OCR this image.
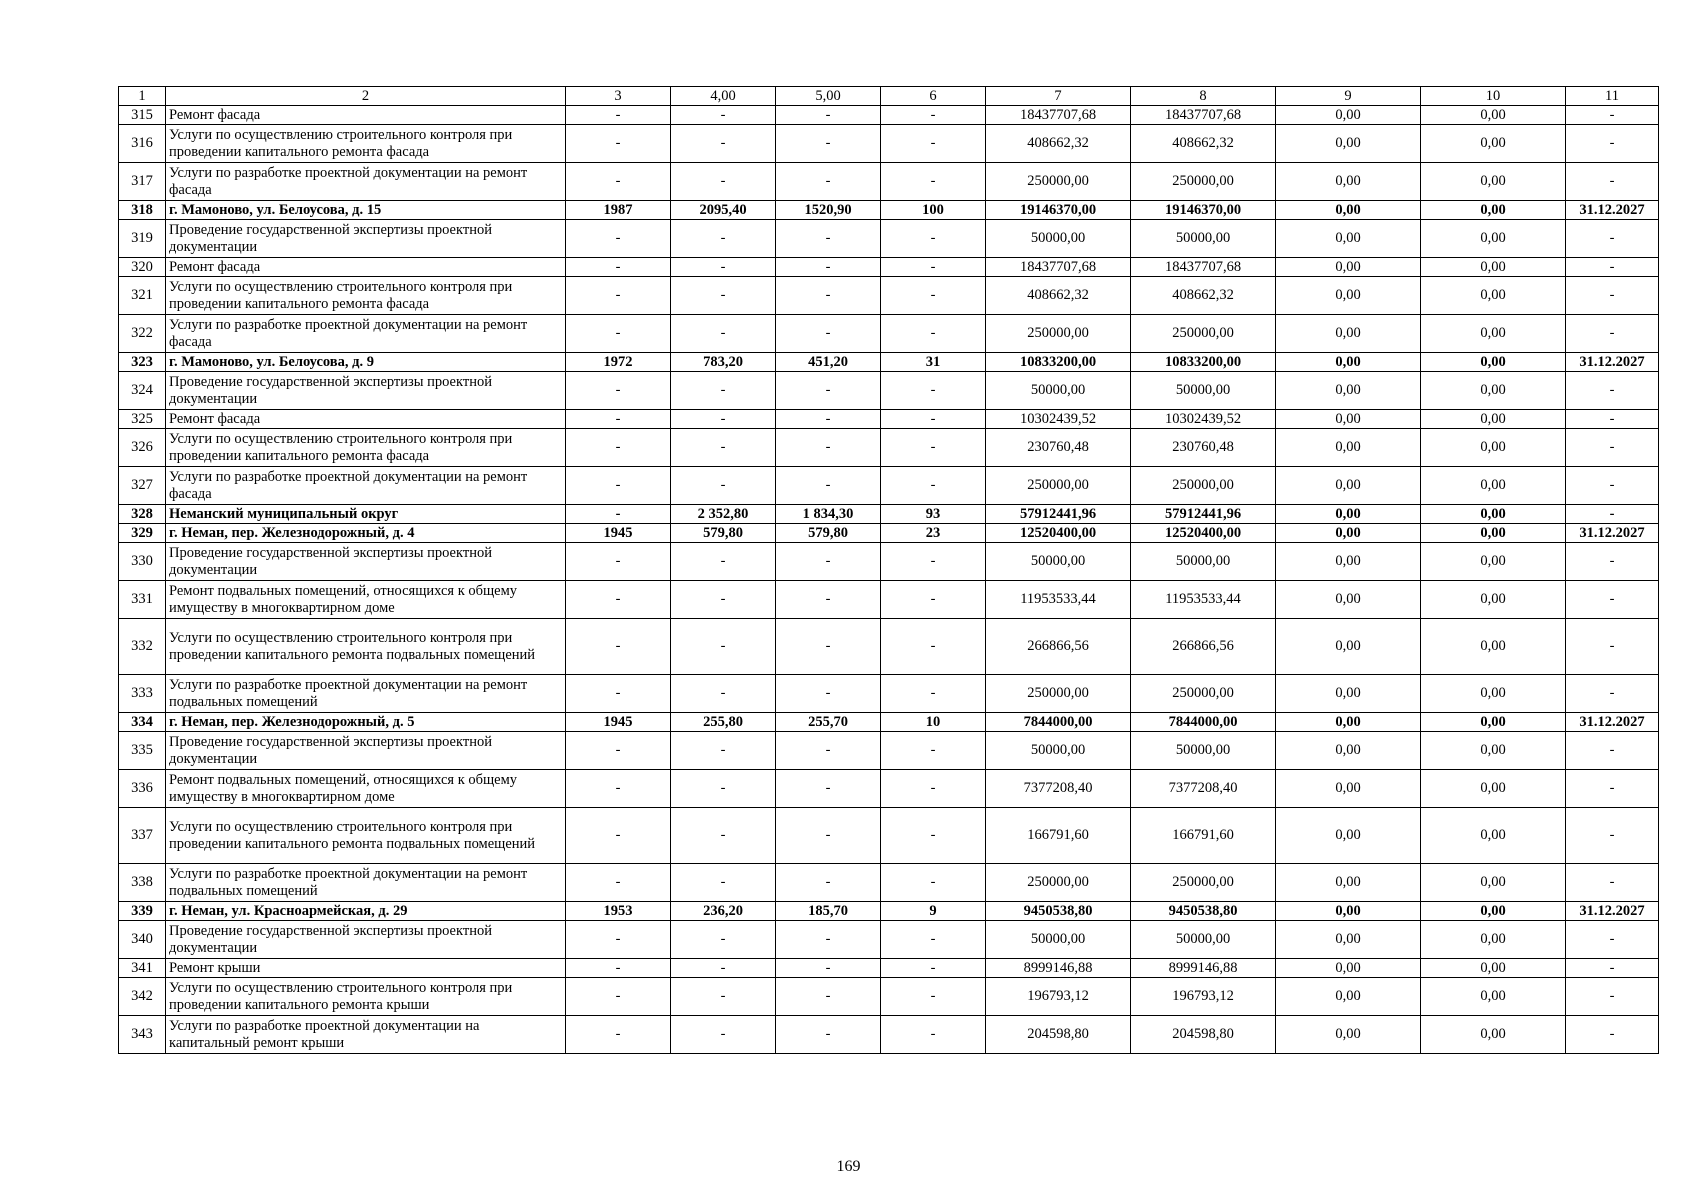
1	2	3	4,00	5,00	6	7	8	9	10	11
315	Ремонт фасада	-	-	-	-	18437707,68	18437707,68	0,00	0,00	-
316	Услуги по осуществлению строительного контроля при проведении капитального ремонта фасада	-	-	-	-	408662,32	408662,32	0,00	0,00	-
317	Услуги по разработке проектной документации на ремонт фасада	-	-	-	-	250000,00	250000,00	0,00	0,00	-
318	г. Мамоново, ул. Белоусова, д. 15	1987	2095,40	1520,90	100	19146370,00	19146370,00	0,00	0,00	31.12.2027
319	Проведение государственной экспертизы проектной документации	-	-	-	-	50000,00	50000,00	0,00	0,00	-
320	Ремонт фасада	-	-	-	-	18437707,68	18437707,68	0,00	0,00	-
321	Услуги по осуществлению строительного контроля при проведении капитального ремонта фасада	-	-	-	-	408662,32	408662,32	0,00	0,00	-
322	Услуги по разработке проектной документации на ремонт фасада	-	-	-	-	250000,00	250000,00	0,00	0,00	-
323	г. Мамоново, ул. Белоусова, д. 9	1972	783,20	451,20	31	10833200,00	10833200,00	0,00	0,00	31.12.2027
324	Проведение государственной экспертизы проектной документации	-	-	-	-	50000,00	50000,00	0,00	0,00	-
325	Ремонт фасада	-	-	-	-	10302439,52	10302439,52	0,00	0,00	-
326	Услуги по осуществлению строительного контроля при проведении капитального ремонта фасада	-	-	-	-	230760,48	230760,48	0,00	0,00	-
327	Услуги по разработке проектной документации на ремонт фасада	-	-	-	-	250000,00	250000,00	0,00	0,00	-
328	Неманский муниципальный округ	-	2 352,80	1 834,30	93	57912441,96	57912441,96	0,00	0,00	-
329	г. Неман, пер. Железнодорожный, д. 4	1945	579,80	579,80	23	12520400,00	12520400,00	0,00	0,00	31.12.2027
330	Проведение государственной экспертизы проектной документации	-	-	-	-	50000,00	50000,00	0,00	0,00	-
331	Ремонт подвальных помещений, относящихся к общему имуществу в многоквартирном доме	-	-	-	-	11953533,44	11953533,44	0,00	0,00	-
332	Услуги по осуществлению строительного контроля при проведении капитального ремонта подвальных помещений	-	-	-	-	266866,56	266866,56	0,00	0,00	-
333	Услуги по разработке проектной документации на ремонт подвальных помещений	-	-	-	-	250000,00	250000,00	0,00	0,00	-
334	г. Неман, пер. Железнодорожный, д. 5	1945	255,80	255,70	10	7844000,00	7844000,00	0,00	0,00	31.12.2027
335	Проведение государственной экспертизы проектной документации	-	-	-	-	50000,00	50000,00	0,00	0,00	-
336	Ремонт подвальных помещений, относящихся к общему имуществу в многоквартирном доме	-	-	-	-	7377208,40	7377208,40	0,00	0,00	-
337	Услуги по осуществлению строительного контроля при проведении капитального ремонта подвальных помещений	-	-	-	-	166791,60	166791,60	0,00	0,00	-
338	Услуги по разработке проектной документации на ремонт подвальных помещений	-	-	-	-	250000,00	250000,00	0,00	0,00	-
339	г. Неман, ул. Красноармейская, д. 29	1953	236,20	185,70	9	9450538,80	9450538,80	0,00	0,00	31.12.2027
340	Проведение государственной экспертизы проектной документации	-	-	-	-	50000,00	50000,00	0,00	0,00	-
341	Ремонт крыши	-	-	-	-	8999146,88	8999146,88	0,00	0,00	-
342	Услуги по осуществлению строительного контроля при проведении капитального ремонта крыши	-	-	-	-	196793,12	196793,12	0,00	0,00	-
343	Услуги по разработке проектной документации на капитальный ремонт крыши	-	-	-	-	204598,80	204598,80	0,00	0,00	-
169
